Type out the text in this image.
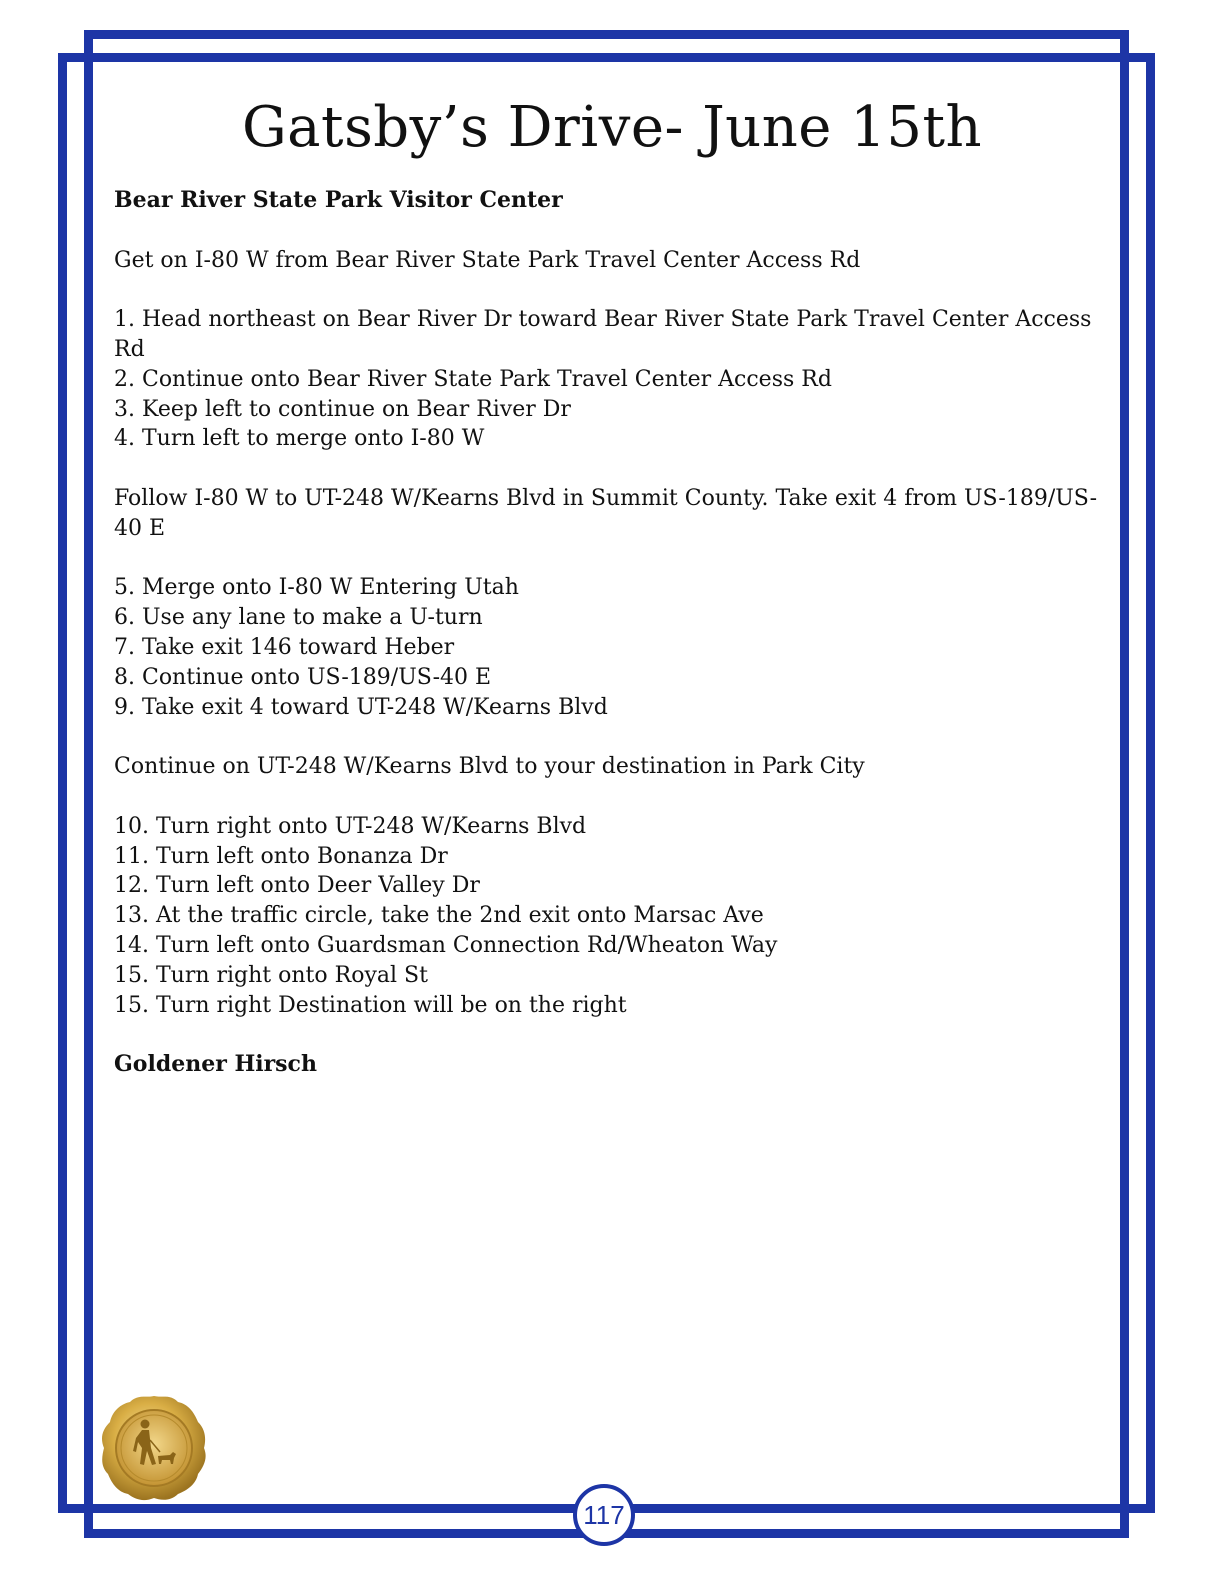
Gatsby’s Drive- June 15th
Bear River State Park Visitor Center
Get on I-80 W from Bear River State Park Travel Center Access Rd
1. Head northeast on Bear River Dr toward Bear River State Park Travel Center Access Rd
2. Continue onto Bear River State Park Travel Center Access Rd
3. Keep left to continue on Bear River Dr
4. Turn left to merge onto I-80 W
Follow I-80 W to UT-248 W/Kearns Blvd in Summit County. Take exit 4 from US-189/US-40 E
5. Merge onto I-80 W Entering Utah
6. Use any lane to make a U-turn
7. Take exit 146 toward Heber
8. Continue onto US-189/US-40 E
9. Take exit 4 toward UT-248 W/Kearns Blvd
Continue on UT-248 W/Kearns Blvd to your destination in Park City
10. Turn right onto UT-248 W/Kearns Blvd
11. Turn left onto Bonanza Dr
12. Turn left onto Deer Valley Dr
13. At the traffic circle, take the 2nd exit onto Marsac Ave
14. Turn left onto Guardsman Connection Rd/Wheaton Way
15. Turn right onto Royal St
15. Turn right Destination will be on the right
Goldener Hirsch
117
